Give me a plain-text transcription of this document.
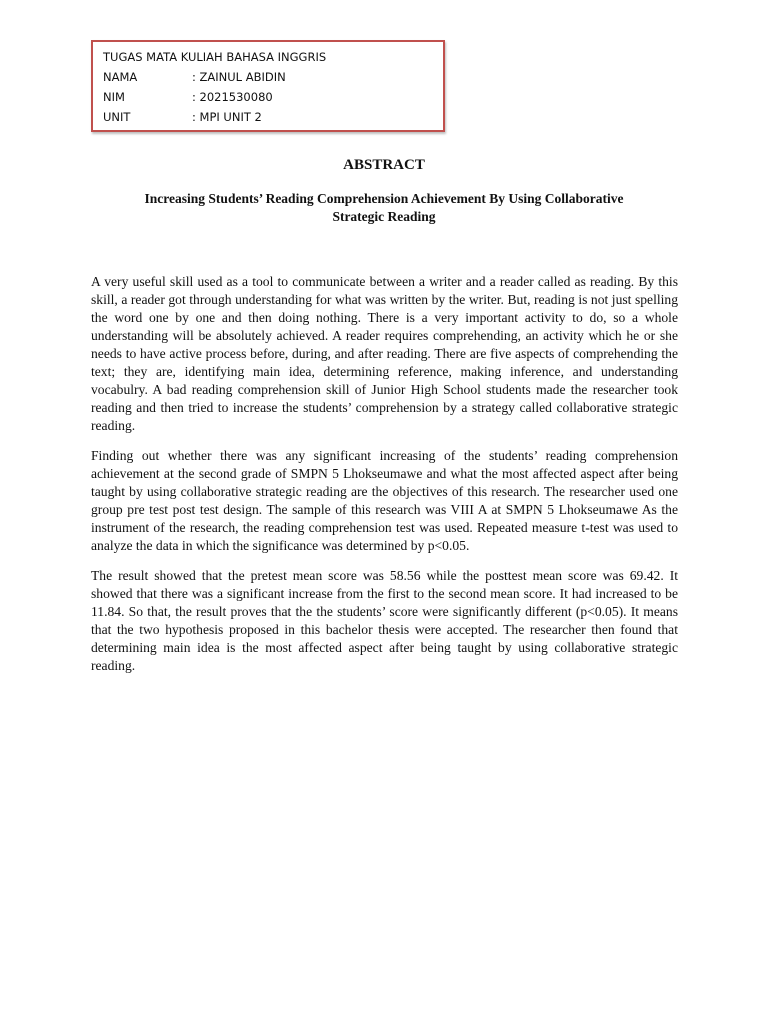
TUGAS MATA KULIAH BAHASA INGGRIS
NAMA	: ZAINUL ABIDIN
NIM	: 2021530080
UNIT	: MPI UNIT 2
ABSTRACT
Increasing Students’ Reading Comprehension Achievement By Using Collaborative
Strategic Reading

A very useful skill used as a tool to communicate between a writer and a reader called as reading. By this skill, a reader got through understanding for what was written by the writer. But, reading is not just spelling the word one by one and then doing nothing. There is a very important activity to do, so a whole understanding will be absolutely achieved. A reader requires comprehending, an activity which he or she needs to have active process before, during, and after reading. There are five aspects of comprehending the text; they are, identifying main idea, determining reference, making inference, and understanding vocabulry. A bad reading comprehension skill of Junior High School students made the researcher took reading and then tried to increase the students’ comprehension by a strategy called collaborative strategic reading.

Finding out whether there was any significant increasing of the students’ reading comprehension achievement at the second grade of SMPN 5 Lhokseumawe and what the most affected aspect after being taught by using collaborative strategic reading are the objectives of this research. The researcher used one group pre test post test design. The sample of this research was VIII A at SMPN 5 Lhokseumawe As the instrument of the research, the reading comprehension test was used. Repeated measure t-test was used to analyze the data in which the significance was determined by p<0.05.

The result showed that the pretest mean score was 58.56 while the posttest mean score was 69.42. It showed that there was a significant increase from the first to the second mean score. It had increased to be 11.84. So that, the result proves that the the students’ score were significantly different (p<0.05). It means that the two hypothesis proposed in this bachelor thesis were accepted. The researcher then found that determining main idea is the most affected aspect after being taught by using collaborative strategic reading.
